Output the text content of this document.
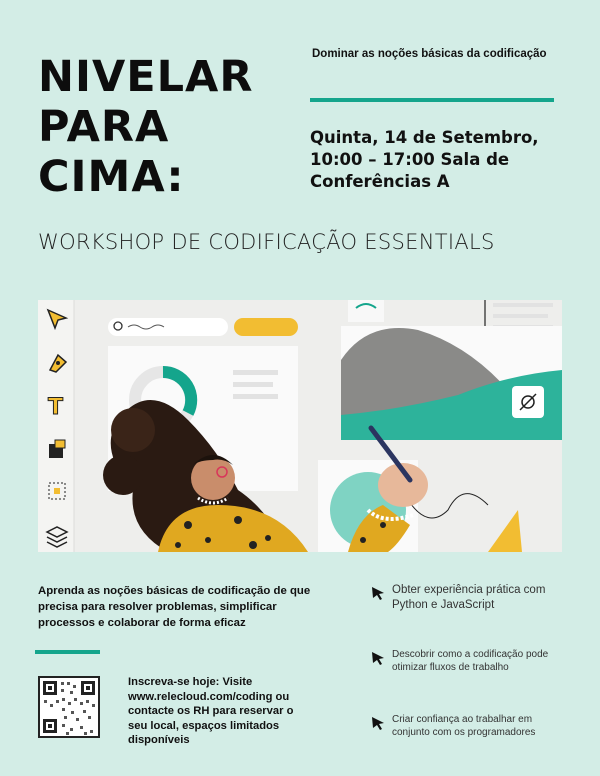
NIVELAR
PARA
CIMA:
Dominar as noções básicas da codificação
Quinta, 14 de Setembro, 10:00 – 17:00 Sala de Conferências A
WORKSHOP DE CODIFICAÇÃO ESSENTIALS
T
Aprenda as noções básicas de codificação de que precisa para resolver problemas, simplificar processos e colaborar de forma eficaz
Inscreva-se hoje: Visite www.relecloud.com/coding ou contacte os RH para reservar o seu local, espaços limitados disponíveis
Obter experiência prática com Python e JavaScript
Descobrir como a codificação pode otimizar fluxos de trabalho
Criar confiança ao trabalhar em conjunto com os programadores
